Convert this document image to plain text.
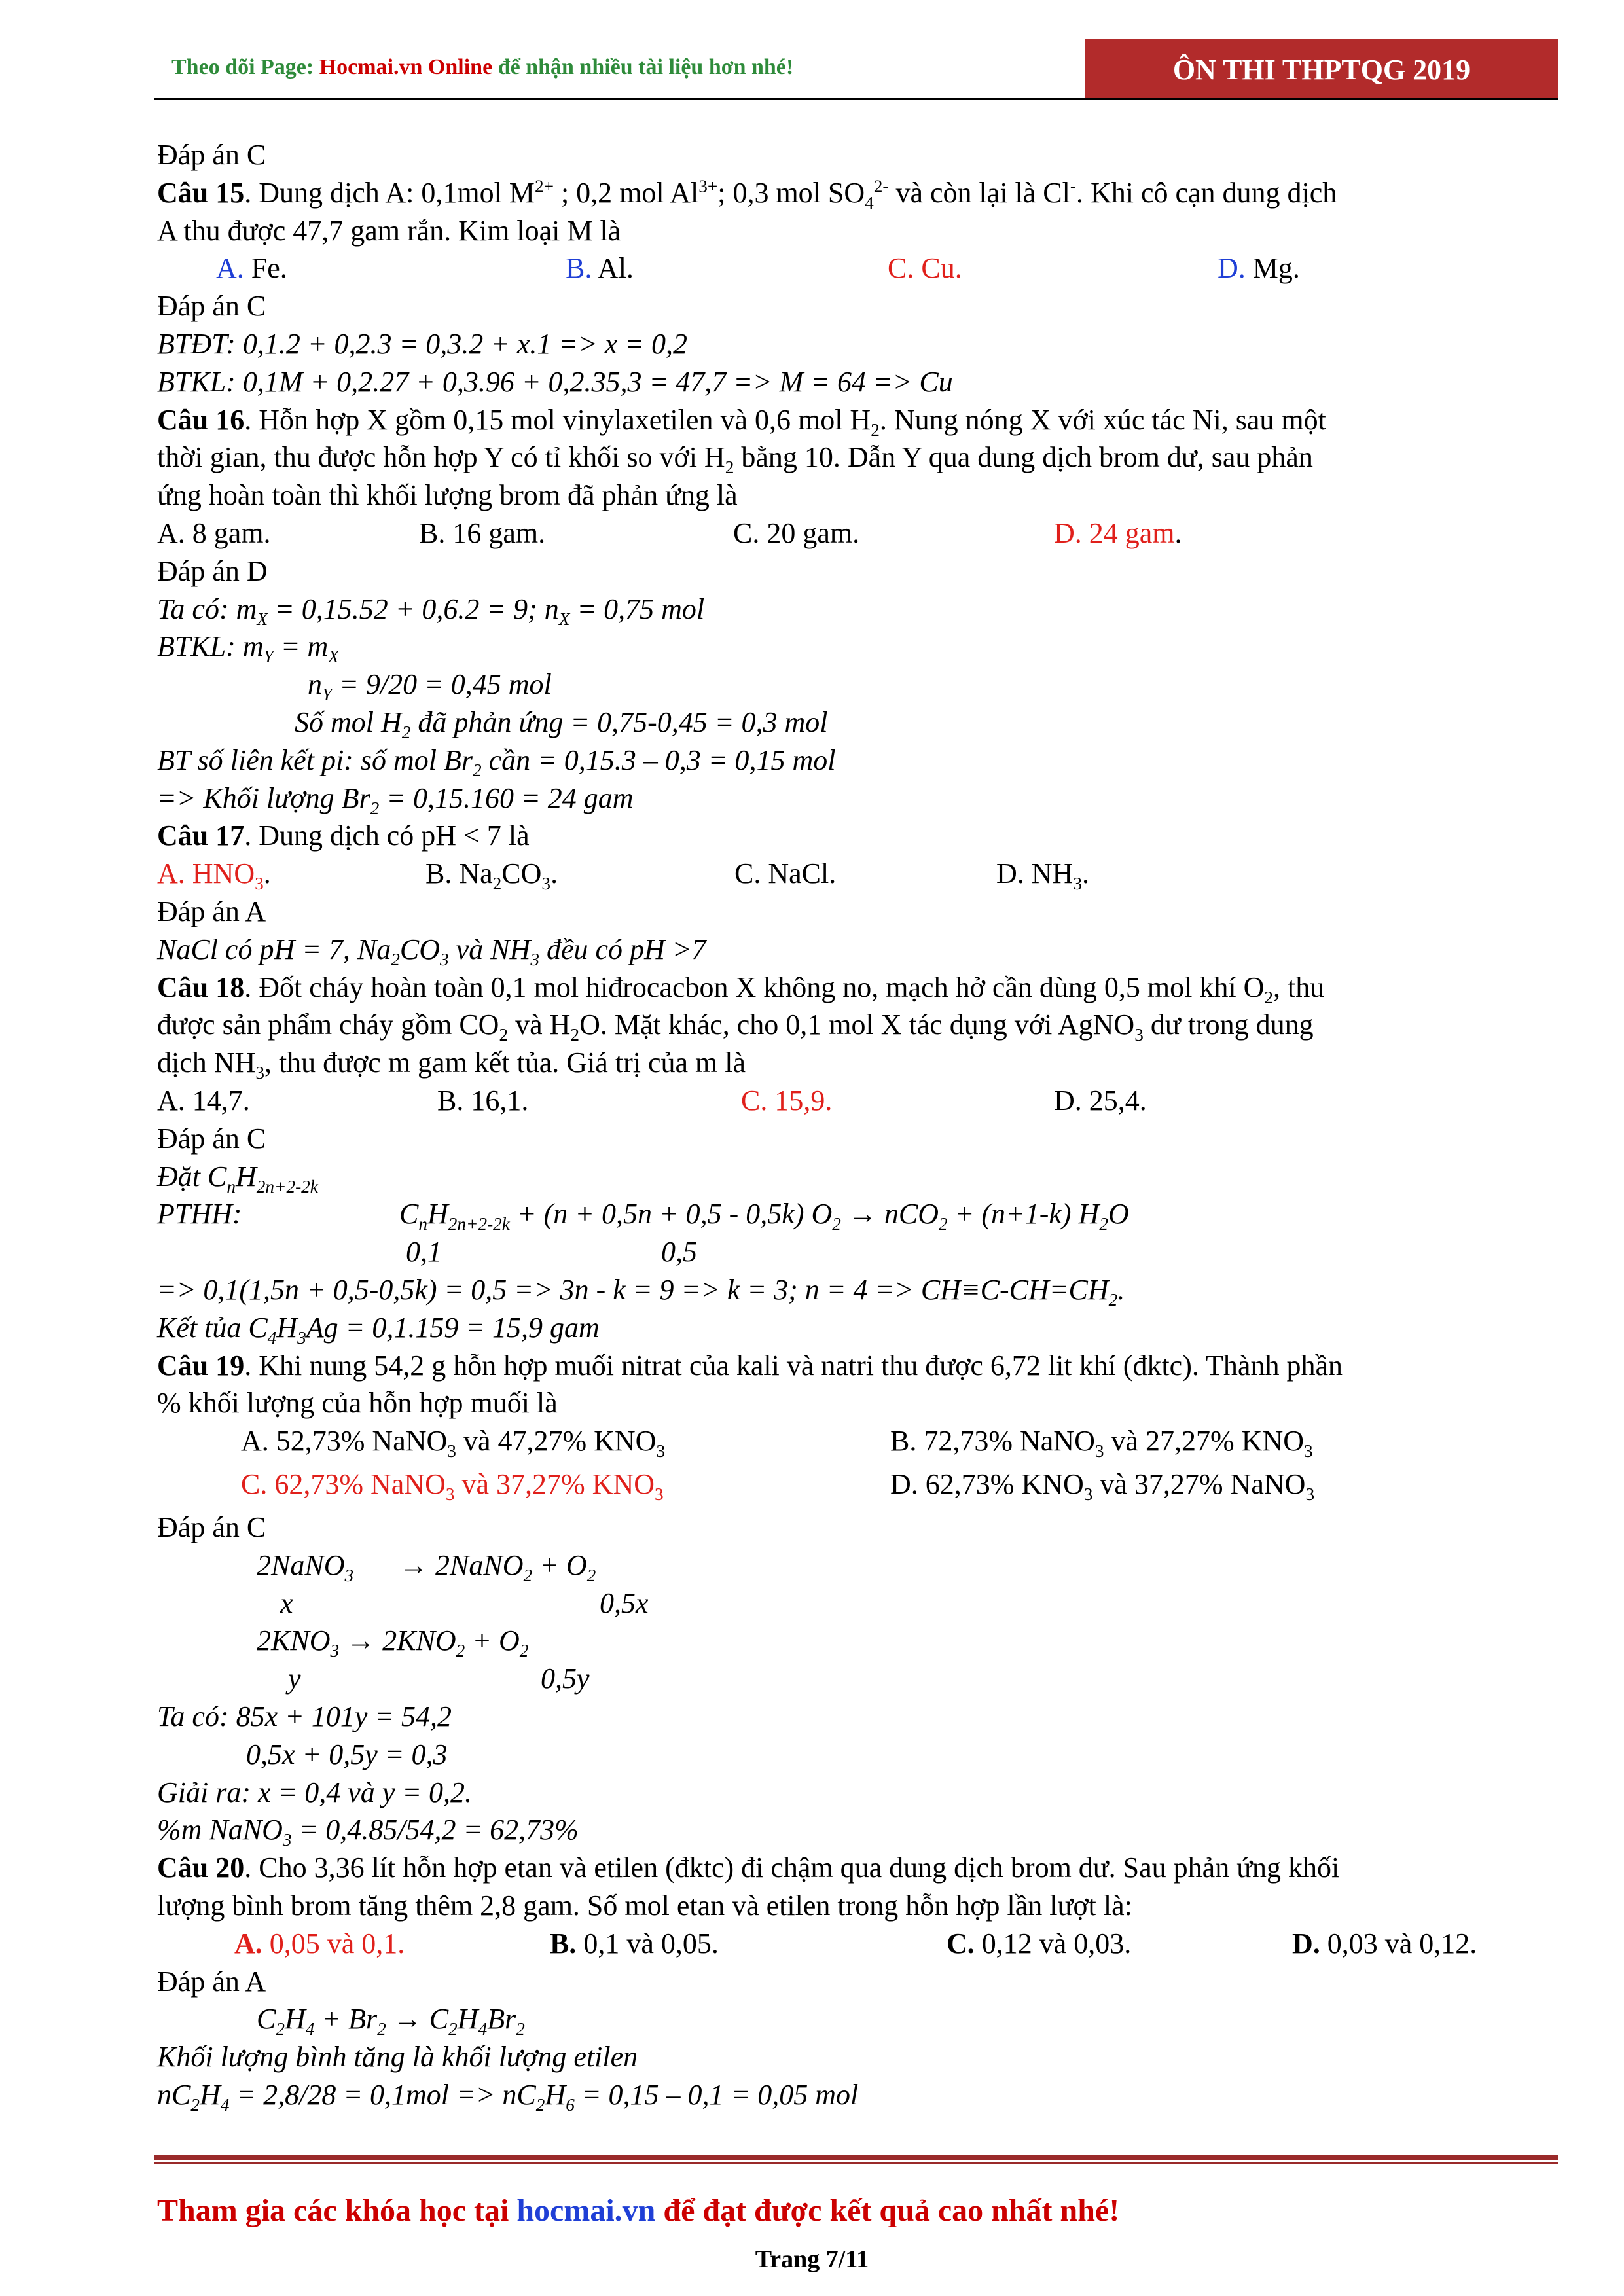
Theo dõi Page: Hocmai.vn Online để nhận nhiều tài liệu hơn nhé!	ÔN THI THPTQG 2019
Đáp án C
Câu 15. Dung dịch A: 0,1mol $M^{2+}$ ; 0,2 mol $Al^{3+}$; 0,3 mol $SO_4^{2-}$ và còn lại là Cl-. Khi cô cạn dung dịch
A thu được 47,7 gam rắn. Kim loại M là
A. Fe.	B. Al.	C. Cu.	D. Mg.
Đáp án C
BTĐT: 0,1.2 + 0,2.3 = 0,3.2 + x.1 => x = 0,2
BTKL: 0,1M + 0,2.27 + 0,3.96 + 0,2.35,3 = 47,7 => M = 64 => Cu
Câu 16. Hỗn hợp X gồm 0,15 mol vinylaxetilen và 0,6 mol $H_2$. Nung nóng X với xúc tác Ni, sau một
thời gian, thu được hỗn hợp Y có tỉ khối so với $H_2$ bằng 10. Dẫn Y qua dung dịch brom dư, sau phản
ứng hoàn toàn thì khối lượng brom đã phản ứng là
A. 8 gam.	B. 16 gam.	C. 20 gam.	D. 24 gam.
Đáp án D
Ta có: $m_X = 0,15.52 + 0,6.2 = 9$; $n_X = 0,75$ mol
BTKL: $m_Y = m_X$
$n_Y = 9/20 = 0,45$ mol
Số mol $H_2$ đã phản ứng = 0,75-0,45 = 0,3 mol
BT số liên kết pi: số mol $Br_2$ cần = 0,15.3 – 0,3 = 0,15 mol
=> Khối lượng $Br_2 = 0,15.160 = 24$ gam
Câu 17. Dung dịch có pH < 7 là
A. $HNO_3$.	B. $Na_2CO_3$.	C. NaCl.	D. $NH_3$.
Đáp án A
NaCl có pH = 7, $Na_2CO_3$ và $NH_3$ đều có pH >7
Câu 18. Đốt cháy hoàn toàn 0,1 mol hiđrocacbon X không no, mạch hở cần dùng 0,5 mol khí $O_2$, thu
được sản phẩm cháy gồm $CO_2$ và $H_2O$. Mặt khác, cho 0,1 mol X tác dụng với AgNO$_3$ dư trong dung
dịch $NH_3$, thu được m gam kết tủa. Giá trị của m là
A. 14,7.	B. 16,1.	C. 15,9.	D. 25,4.
Đáp án C
Đặt $C_nH_{2n+2-2k}$
PTHH:	$C_nH_{2n+2-2k} + (n + 0,5n + 0,5 - 0,5k) O_2 \to nCO_2 + (n+1-k)$ $H_2O$
0,1	0,5
=> 0,1(1,5n + 0,5-0,5k) = 0,5 => 3n - k = 9 => k = 3; $n = 4 => CH\equiv C-CH=CH_2$.
Kết tủa $C_4H_3Ag = 0,1.159 = 15,9$ gam
Câu 19. Khi nung 54,2 g hỗn hợp muối nitrat của kali và natri thu được 6,72 lit khí (đktc). Thành phần
% khối lượng của hỗn hợp muối là
A. 52,73% NaNO$_3$ và 47,27% $KNO_3$	B. 72,73% NaNO$_3$ và 27,27% $KNO_3$
C. 62,73% NaNO$_3$ và 37,27% $KNO_3$	D. 62,73% $KNO_3$ và 37,27% NaNO$_3$
Đáp án C
2NaNO$_3$ → 2NaNO$_2$ + $O_2$
x	0,5x
$2KNO_3 \to 2KNO_2 + O_2$
y	0,5y
Ta có: 85x + 101y = 54,2
0,5x + 0,5y = 0,3
Giải ra: x = 0,4 và y = 0,2.
%m NaNO$_3$ = 0,4.85/54,2 = 62,73%
Câu 20. Cho 3,36 lít hỗn hợp etan và etilen (đktc) đi chậm qua dung dịch brom dư. Sau phản ứng khối
lượng bình brom tăng thêm 2,8 gam. Số mol etan và etilen trong hỗn hợp lần lượt là:
A. 0,05 và 0,1.	B. 0,1 và 0,05.	C. 0,12 và 0,03.	D. 0,03 và 0,12.
Đáp án A
$C_2H_4 + Br_2 \to C_2H_4Br_2$
Khối lượng bình tăng là khối lượng etilen
$nC_2H_4 = 2,8/28 = 0,1mol => nC_2H_6 = 0,15 - 0,1 = 0,05$ mol
Tham gia các khóa học tại hocmai.vn để đạt được kết quả cao nhất nhé!
Trang 7/11
